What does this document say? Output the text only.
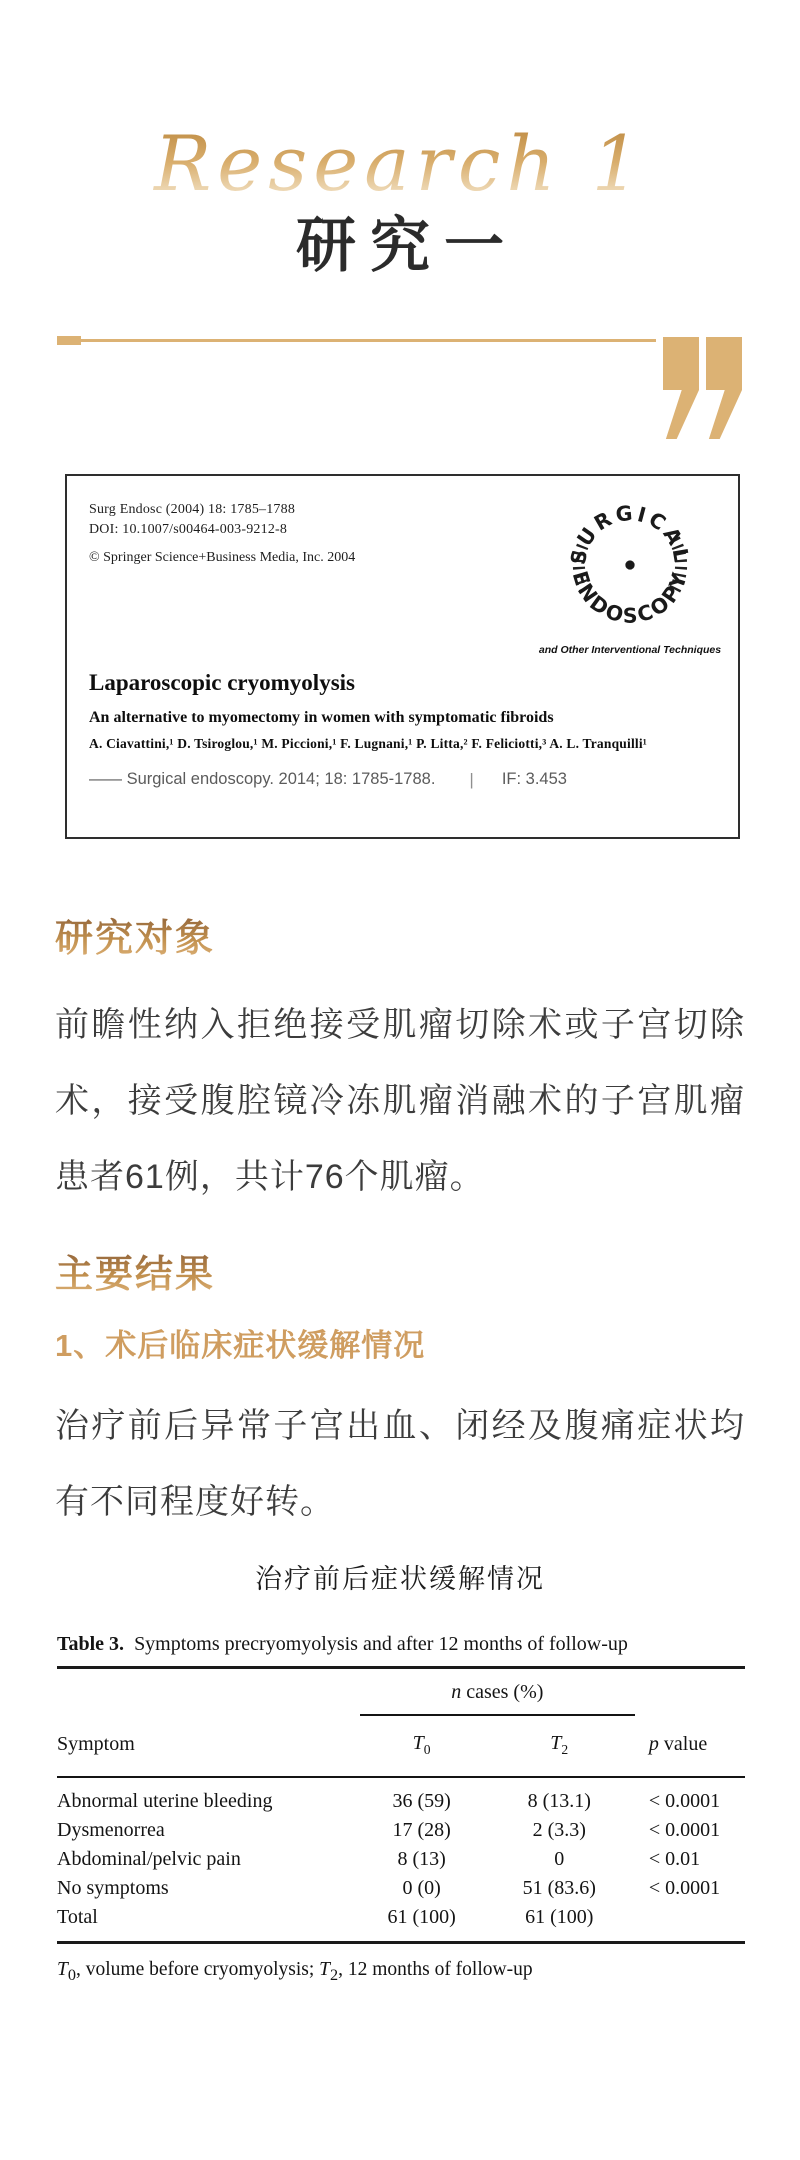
Research 1
研究一
Surg Endosc (2004) 18: 1785–1788
DOI: 10.1007/s00464-003-9212-8
© Springer Science+Business Media, Inc. 2004	SURGICAL
ENDOSCOPY
and Other Interventional Techniques
Laparoscopic cryomyolysis
An alternative to myomectomy in women with symptomatic fibroids
A. Ciavattini,¹ D. Tsiroglou,¹ M. Piccioni,¹ F. Lugnani,¹ P. Litta,² F. Feliciotti,³ A. L. Tranquilli¹
—— Surgical endoscopy. 2014; 18: 1785-1788. | IF: 3.453
研究对象

前瞻性纳入拒绝接受肌瘤切除术或子宫切除术，接受腹腔镜冷冻肌瘤消融术的子宫肌瘤患者61例，共计76个肌瘤。

主要结果
1、术后临床症状缓解情况

治疗前后异常子宫出血、闭经及腹痛症状均有不同程度好转。

治疗前后症状缓解情况
Table 3. Symptoms precryomyolysis and after 12 months of follow-up
	n cases (%)		
Symptom	$T_0$	$T_2$	p value
Abnormal uterine bleeding	36 (59)	8 (13.1)	< 0.0001
Dysmenorrea	17 (28)	2 (3.3)	< 0.0001
Abdominal/pelvic pain	8 (13)	0	< 0.01
No symptoms	0 (0)	51 (83.6)	< 0.0001
Total	61 (100)	61 (100)	
$T_0$, volume before cryomyolysis; $T_2$, 12 months of follow-up
